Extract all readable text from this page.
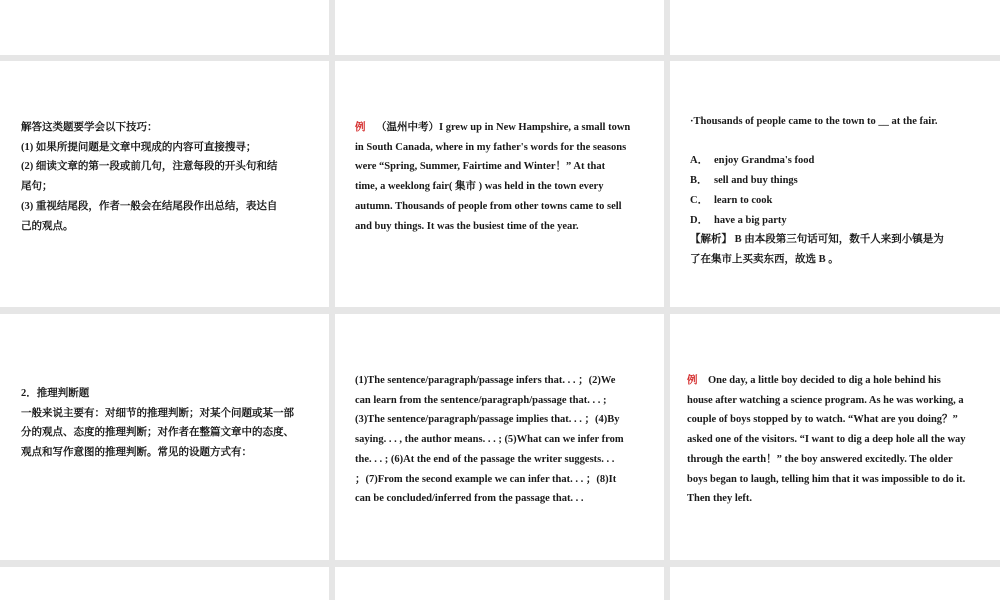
解答这类题要学会以下技巧：
(1) 如果所提问题是文章中现成的内容可直接搜寻；
(2) 细读文章的第一段或前几句，注意每段的开头句和结
尾句；
(3) 重视结尾段，作者一般会在结尾段作出总结，表达自
己的观点。
例 （温州中考）I grew up in New Hampshire, a small town
in South Canada, where in my father's words for the seasons
were “Spring, Summer, Fairtime and Winter！” At that
time, a weeklong fair( 集市 ) was held in the town every
autumn. Thousands of people from other towns came to sell
and buy things. It was the busiest time of the year.
·Thousands of people came to the town to __ at the fair.
A． enjoy Grandma's food
B． sell and buy things
C． learn to cook
D． have a big party
【解析】 B 由本段第三句话可知，数千人来到小镇是为
了在集市上买卖东西，故选 B 。
2．推理判断题
一般来说主要有：对细节的推理判断；对某个问题或某一部
分的观点、态度的推理判断；对作者在整篇文章中的态度、
观点和写作意图的推理判断。常见的设题方式有：
(1)The sentence/paragraph/passage infers that. . . ；(2)We
can learn from the sentence/paragraph/passage that. . . ;
(3)The sentence/paragraph/passage implies that. . . ；(4)By
saying. . . , the author means. . . ; (5)What can we infer from
the. . . ; (6)At the end of the passage the writer suggests. . .
；(7)From the second example we can infer that. . . ；(8)It
can be concluded/inferred from the passage that. . .
例 One day, a little boy decided to dig a hole behind his
house after watching a science program. As he was working, a
couple of boys stopped by to watch. “What are you doing？”
asked one of the visitors. “I want to dig a deep hole all the way
through the earth！” the boy answered excitedly. The older
boys began to laugh, telling him that it was impossible to do it.
Then they left.
